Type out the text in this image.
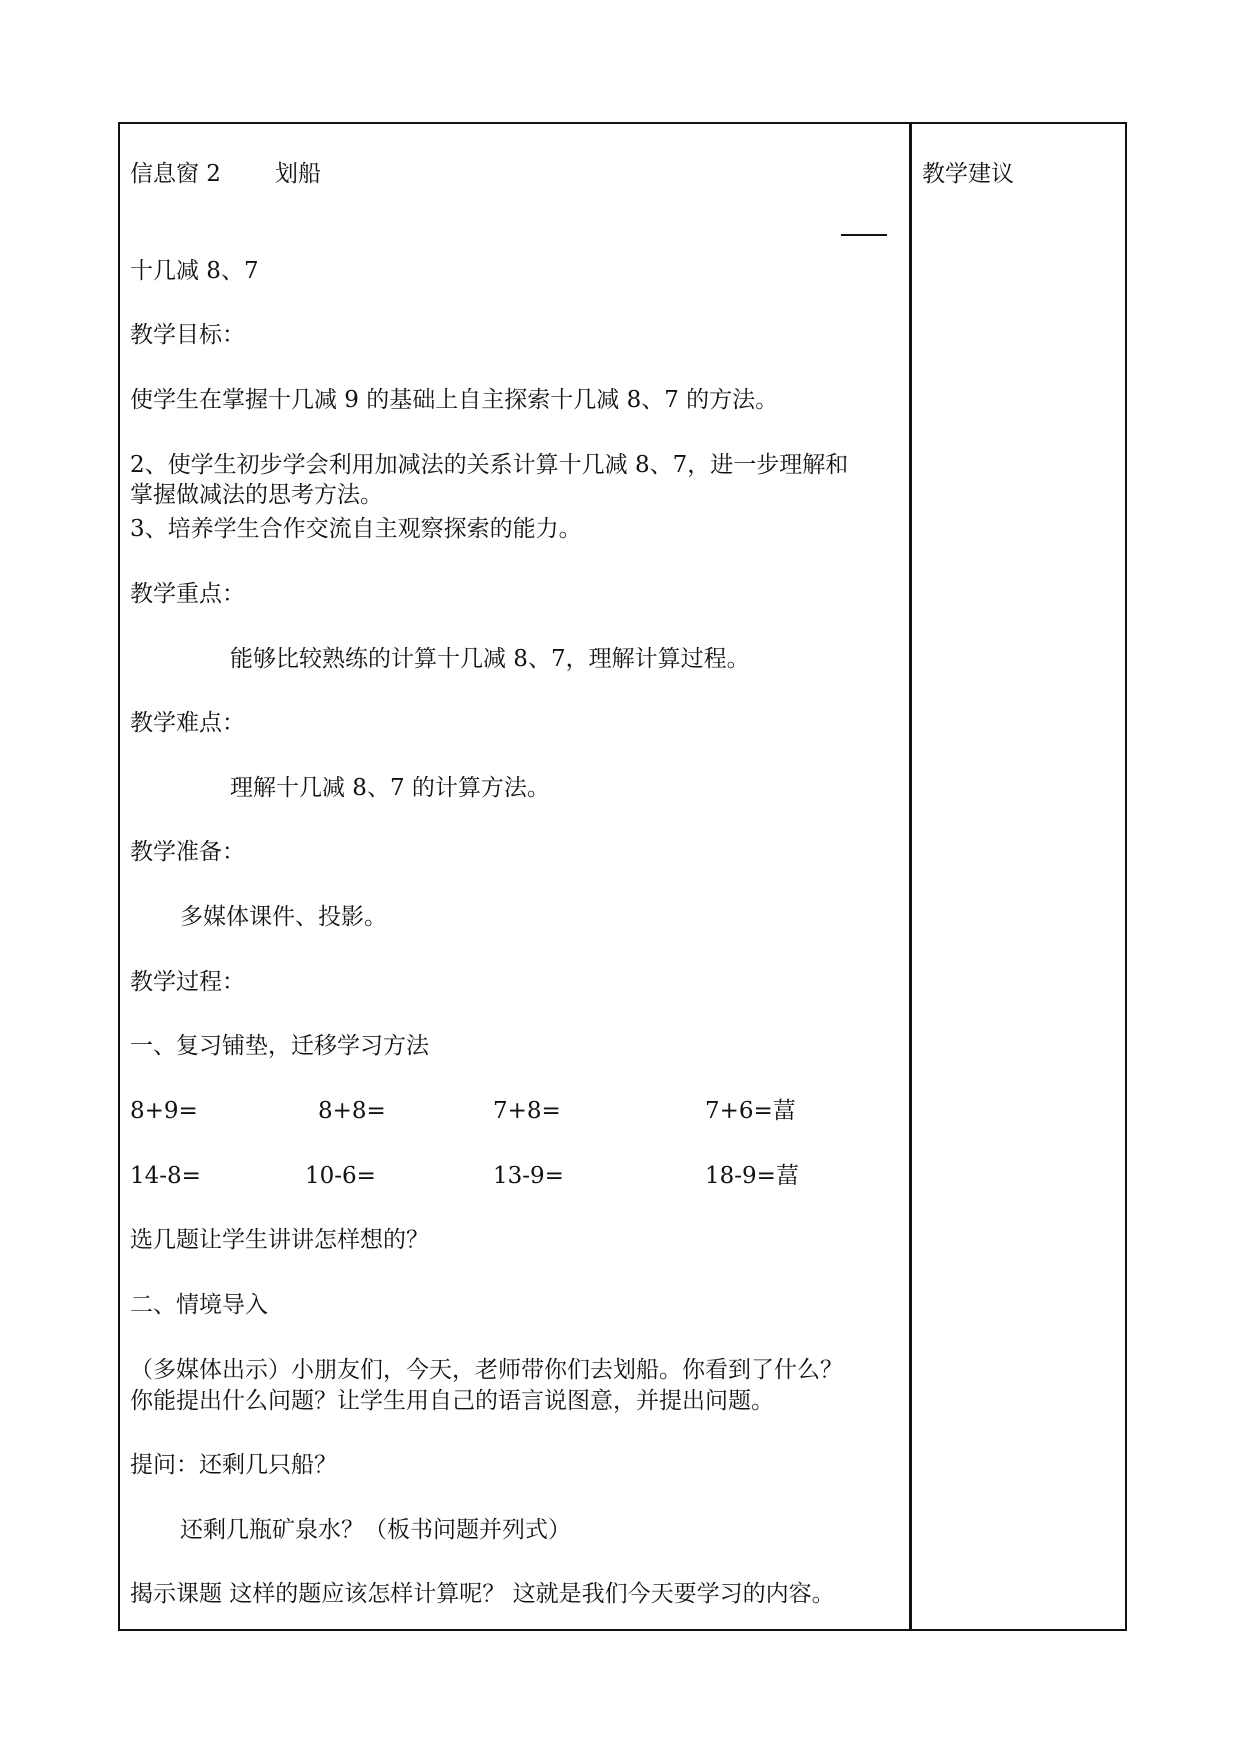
信息窗 2 划船
十几减 8、7
教学目标：
使学生在掌握十几减 9 的基础上自主探索十几减 8、7 的方法。
2、使学生初步学会利用加减法的关系计算十几减 8、7，进一步理解和
掌握做减法的思考方法。
3、培养学生合作交流自主观察探索的能力。
教学重点：
能够比较熟练的计算十几减 8、7，理解计算过程。
教学难点：
理解十几减 8、7 的计算方法。
教学准备：
多媒体课件、投影。
教学过程：
一、复习铺垫，迁移学习方法
8+9=	8+8=	7+8=	7+6=葍
14-8=	10-6=	13-9=	18-9=葍
选几题让学生讲讲怎样想的？
二、情境导入
（多媒体出示）小朋友们，今天，老师带你们去划船。你看到了什么？
你能提出什么问题？让学生用自己的语言说图意，并提出问题。
提问：还剩几只船？
还剩几瓶矿泉水？（板书问题并列式）
揭示课题 这样的题应该怎样计算呢？ 这就是我们今天要学习的内容。
教学建议
